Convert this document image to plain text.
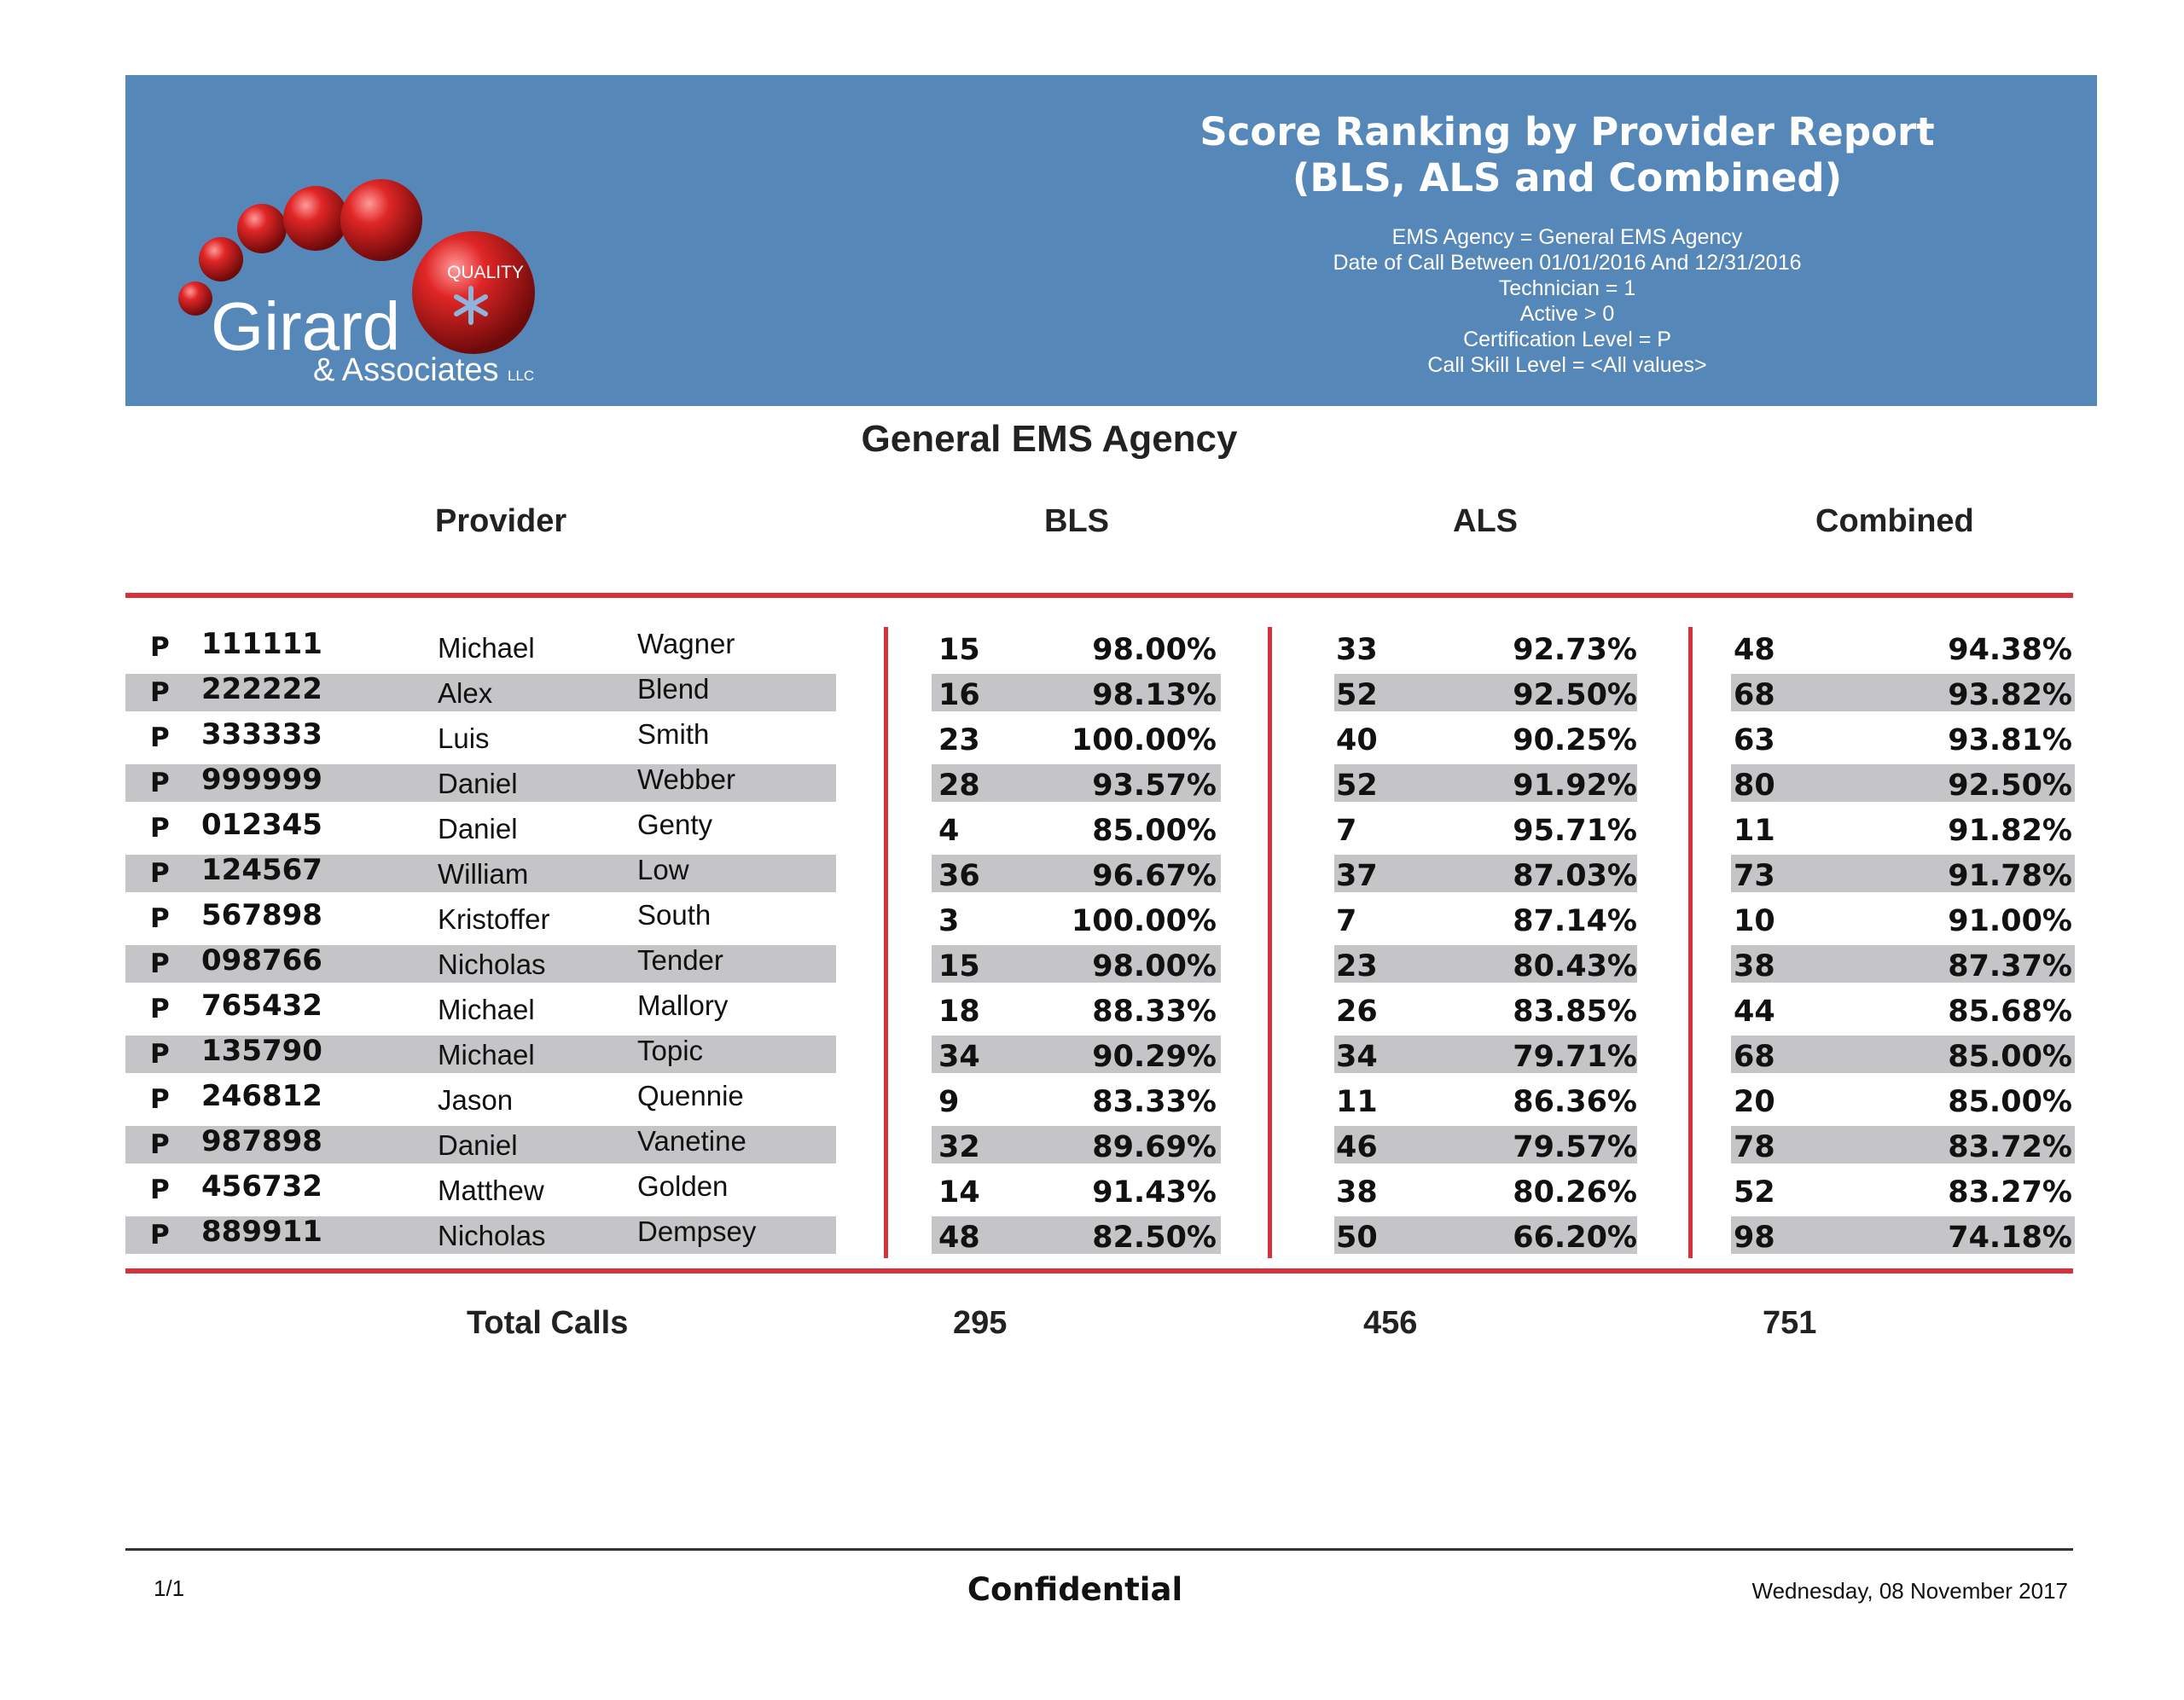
QUALITY
Girard
& Associates LLC
Score Ranking by Provider Report
(BLS, ALS and Combined)
EMS Agency = General EMS Agency
Date of Call Between 01/01/2016 And 12/31/2016
Technician = 1
Active > 0
Certification Level = P
Call Skill Level = <All values>
General EMS Agency
Provider	BLS	ALS	Combined
P 111111	Michael	Wagner	15	98.00%	33	92.73%	48	94.38%
P 222222	Alex	Blend	16	98.13%	52	92.50%	68	93.82%
P 333333	Luis	Smith	23	100.00%	40	90.25%	63	93.81%
P 999999	Daniel	Webber	28	93.57%	52	91.92%	80	92.50%
P 012345	Daniel	Genty	4	85.00%	7	95.71%	11	91.82%
P 124567	William	Low	36	96.67%	37	87.03%	73	91.78%
P 567898	Kristoffer	South	3	100.00%	7	87.14%	10	91.00%
P 098766	Nicholas	Tender	15	98.00%	23	80.43%	38	87.37%
P 765432	Michael	Mallory	18	88.33%	26	83.85%	44	85.68%
P 135790	Michael	Topic	34	90.29%	34	79.71%	68	85.00%
P 246812	Jason	Quennie	9	83.33%	11	86.36%	20	85.00%
P 987898	Daniel	Vanetine	32	89.69%	46	79.57%	78	83.72%
P 456732	Matthew	Golden	14	91.43%	38	80.26%	52	83.27%
P 889911	Nicholas	Dempsey	48	82.50%	50	66.20%	98	74.18%
Total Calls	295	456	751
1/1	Confidential	Wednesday, 08 November 2017
